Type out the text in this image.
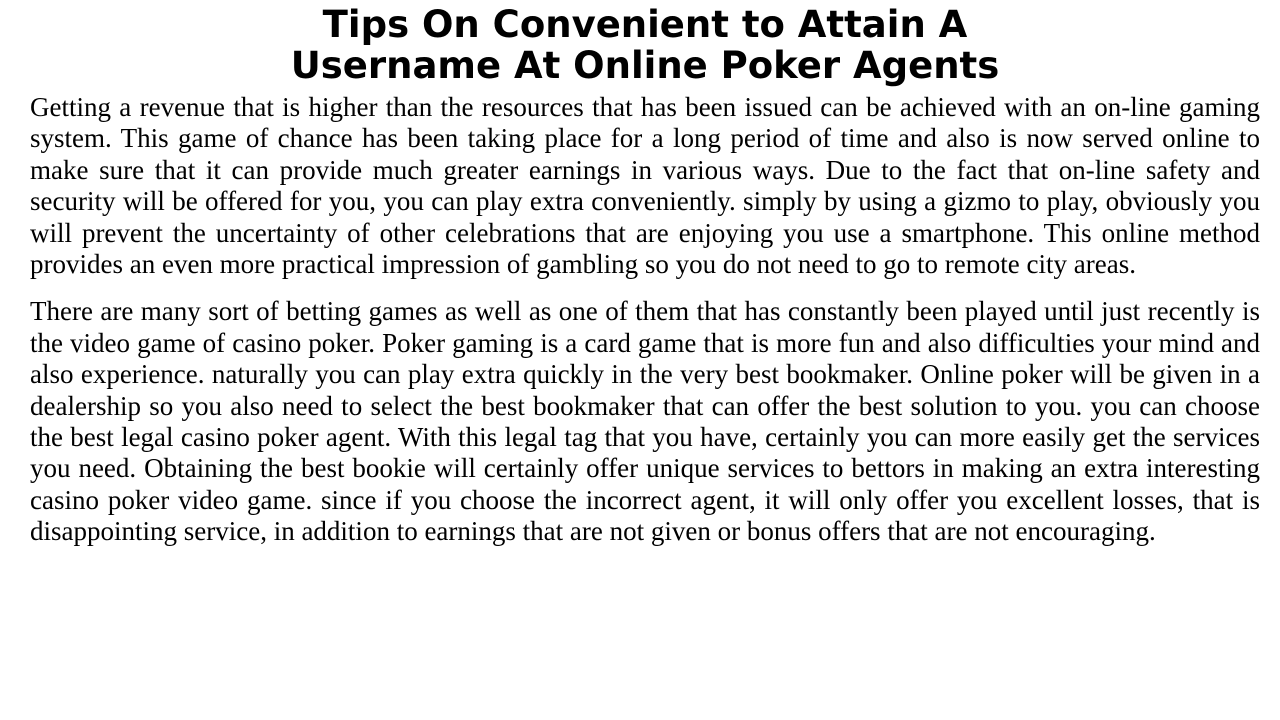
Tips On Convenient to Attain A
Username At Online Poker Agents

Getting a revenue that is higher than the resources that has been issued can be achieved with an on-line gaming system. This game of chance has been taking place for a long period of time and also is now served online to make sure that it can provide much greater earnings in various ways. Due to the fact that on-line safety and security will be offered for you, you can play extra conveniently. simply by using a gizmo to play, obviously you will prevent the uncertainty of other celebrations that are enjoying you use a smartphone. This online method provides an even more practical impression of gambling so you do not need to go to remote city areas.

There are many sort of betting games as well as one of them that has constantly been played until just recently is the video game of casino poker. Poker gaming is a card game that is more fun and also difficulties your mind and also experience. naturally you can play extra quickly in the very best bookmaker. Online poker will be given in a dealership so you also need to select the best bookmaker that can offer the best solution to you. you can choose the best legal casino poker agent. With this legal tag that you have, certainly you can more easily get the services you need. Obtaining the best bookie will certainly offer unique services to bettors in making an extra interesting casino poker video game. since if you choose the incorrect agent, it will only offer you excellent losses, that is disappointing service, in addition to earnings that are not given or bonus offers that are not encouraging.
